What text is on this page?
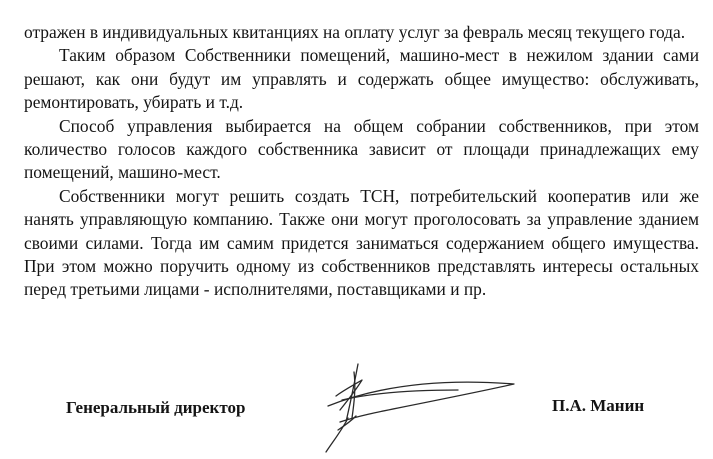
отражен в индивидуальных квитанциях на оплату услуг за февраль месяц текущего года.

Таким образом Собственники помещений, машино-мест в нежилом здании сами решают, как они будут им управлять и содержать общее имущество: обслуживать, ремонтировать, убирать и т.д.

Способ управления выбирается на общем собрании собственников, при этом количество голосов каждого собственника зависит от площади принадлежащих ему помещений, машино-мест.

Собственники могут решить создать ТСН, потребительский кооператив или же нанять управляющую компанию. Также они могут проголосовать за управление зданием своими силами. Тогда им самим придется заниматься содержанием общего имущества. При этом можно поручить одному из собственников представлять интересы остальных перед третьими лицами - исполнителями, поставщиками и пр.

Генеральный директор	П.А. Манин
